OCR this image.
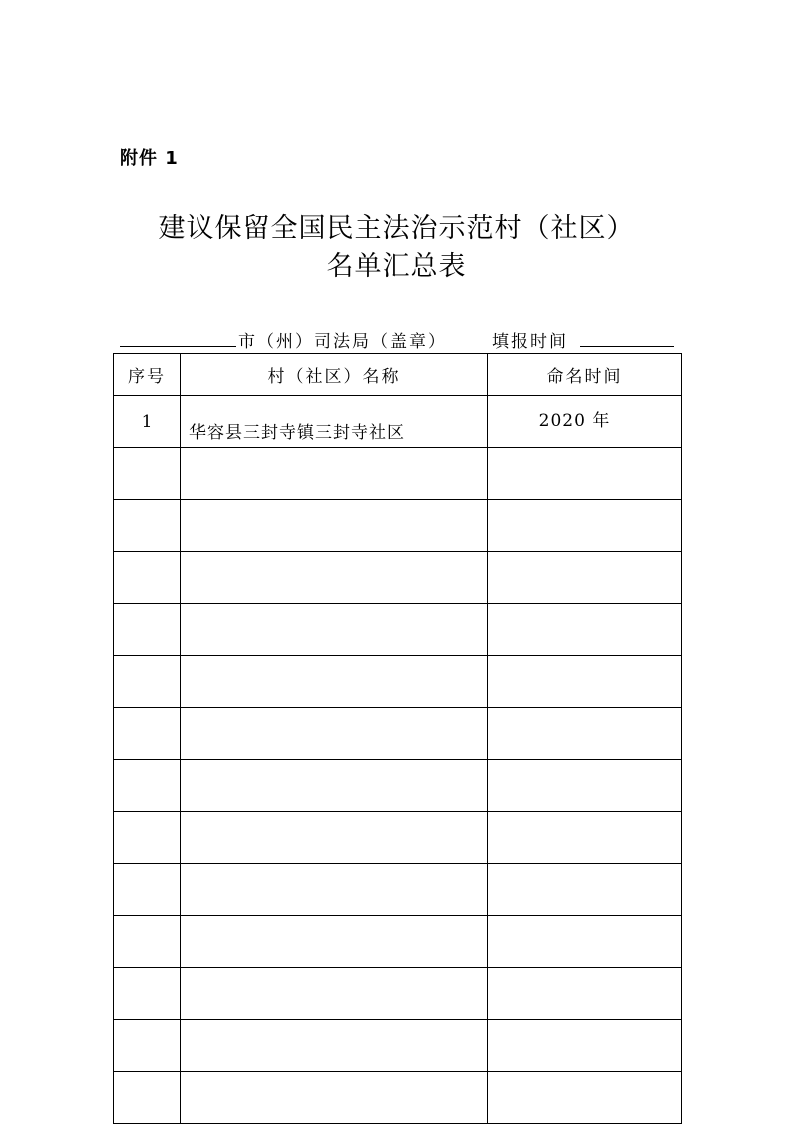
附件 1
建议保留全国民主法治示范村（社区）
名单汇总表
市（州）司法局（盖章）	填报时间
序号	村（社区）名称	命名时间
1	华容县三封寺镇三封寺社区	2020 年
